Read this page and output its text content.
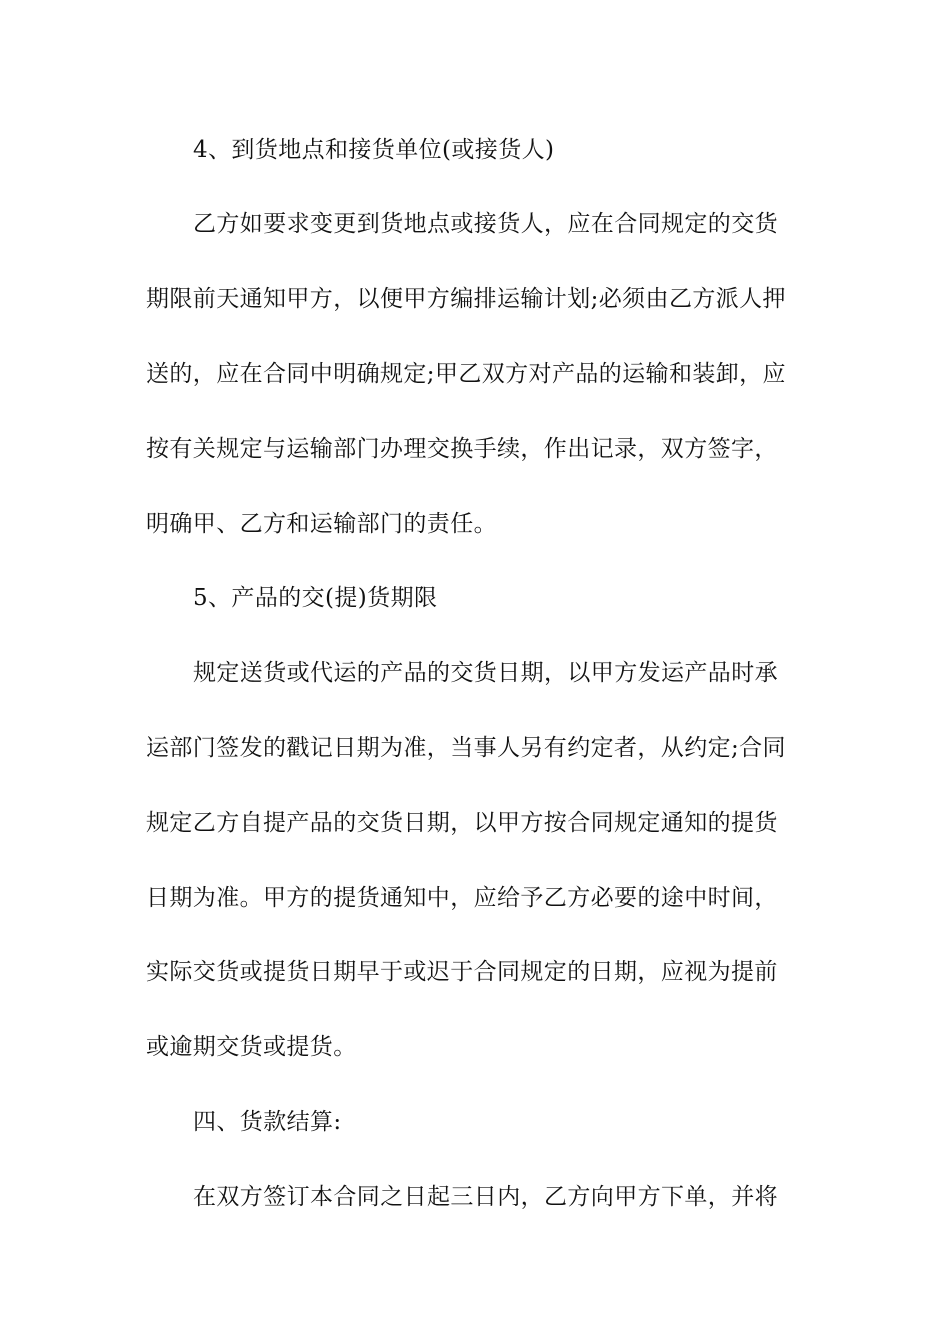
4、到货地点和接货单位(或接货人)
乙方如要求变更到货地点或接货人，应在合同规定的交货
期限前天通知甲方，以便甲方编排运输计划;必须由乙方派人押
送的，应在合同中明确规定;甲乙双方对产品的运输和装卸，应
按有关规定与运输部门办理交换手续，作出记录，双方签字，
明确甲、乙方和运输部门的责任。
5、产品的交(提)货期限
规定送货或代运的产品的交货日期，以甲方发运产品时承
运部门签发的戳记日期为准，当事人另有约定者，从约定;合同
规定乙方自提产品的交货日期，以甲方按合同规定通知的提货
日期为准。甲方的提货通知中，应给予乙方必要的途中时间，
实际交货或提货日期早于或迟于合同规定的日期，应视为提前
或逾期交货或提货。
四、货款结算:
在双方签订本合同之日起三日内，乙方向甲方下单，并将
